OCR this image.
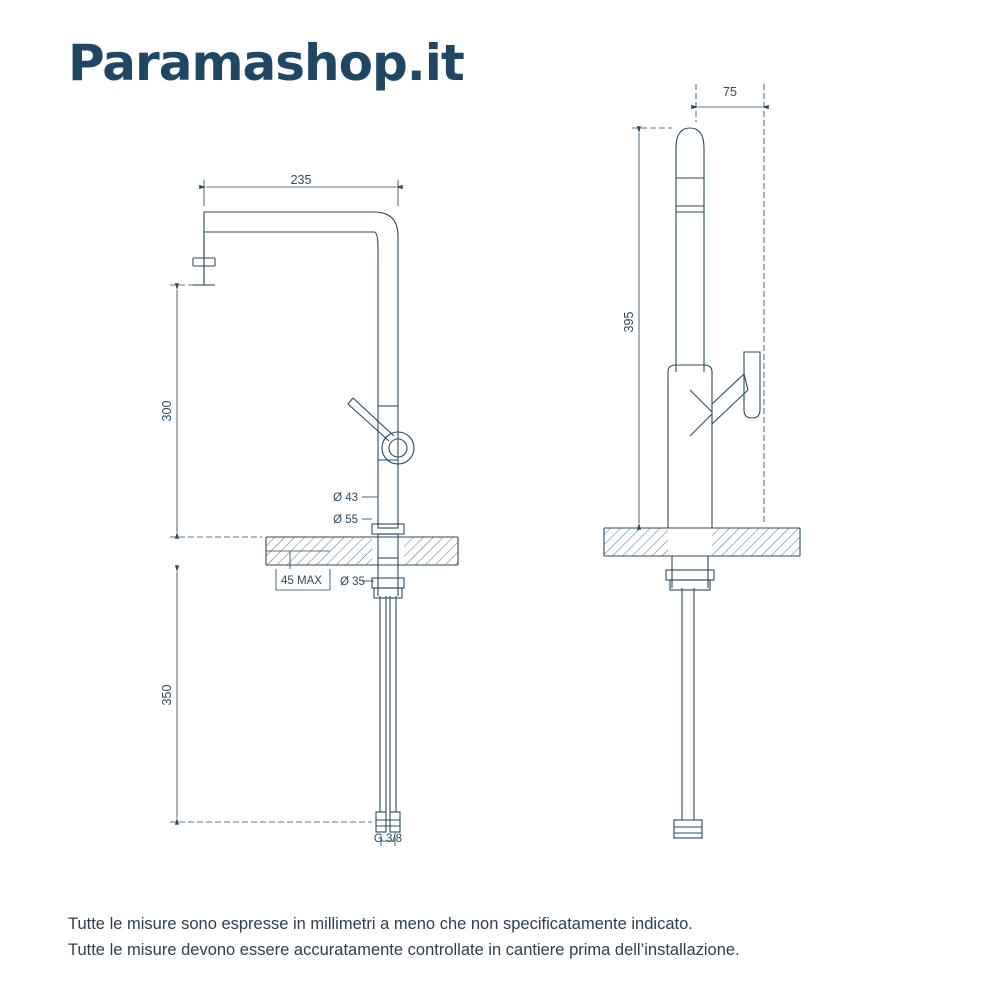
Paramashop.it
235
300
350
Ø 43
Ø 55
45 MAX Ø 35
G 3/8
75
395
Tutte le misure sono espresse in millimetri a meno che non specificatamente indicato.
Tutte le misure devono essere accuratamente controllate in cantiere prima dell’installazione.
